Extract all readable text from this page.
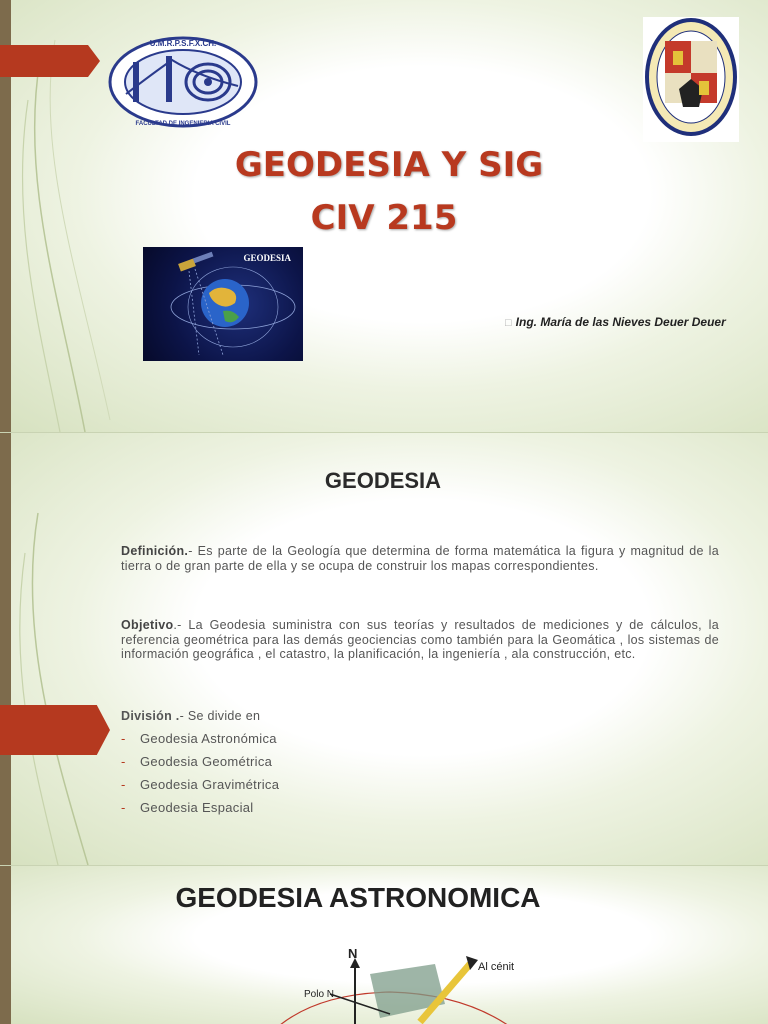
U.M.R.P.S.F.X.CH.
FACULTAD DE INGENIERIA CIVIL
GEODESIA Y SIG
CIV 215
GEODESIA
□ Ing. María de las Nieves Deuer Deuer
GEODESIA
Definición.- Es parte de la Geología que determina de forma matemática la figura y magnitud de la tierra o de gran parte de ella y se ocupa de construir los mapas correspondientes.
Objetivo.- La Geodesia suministra con sus teorías y resultados de mediciones y de cálculos, la referencia geométrica para las demás geociencias como también para la Geomática , los sistemas de información geográfica , el catastro, la planificación, la ingeniería , ala construcción, etc.
División .- Se divide en
- Geodesia Astronómica
- Geodesia Geométrica
- Geodesia Gravimétrica
- Geodesia Espacial
GEODESIA ASTRONOMICA
N
Al cénit
Polo N
